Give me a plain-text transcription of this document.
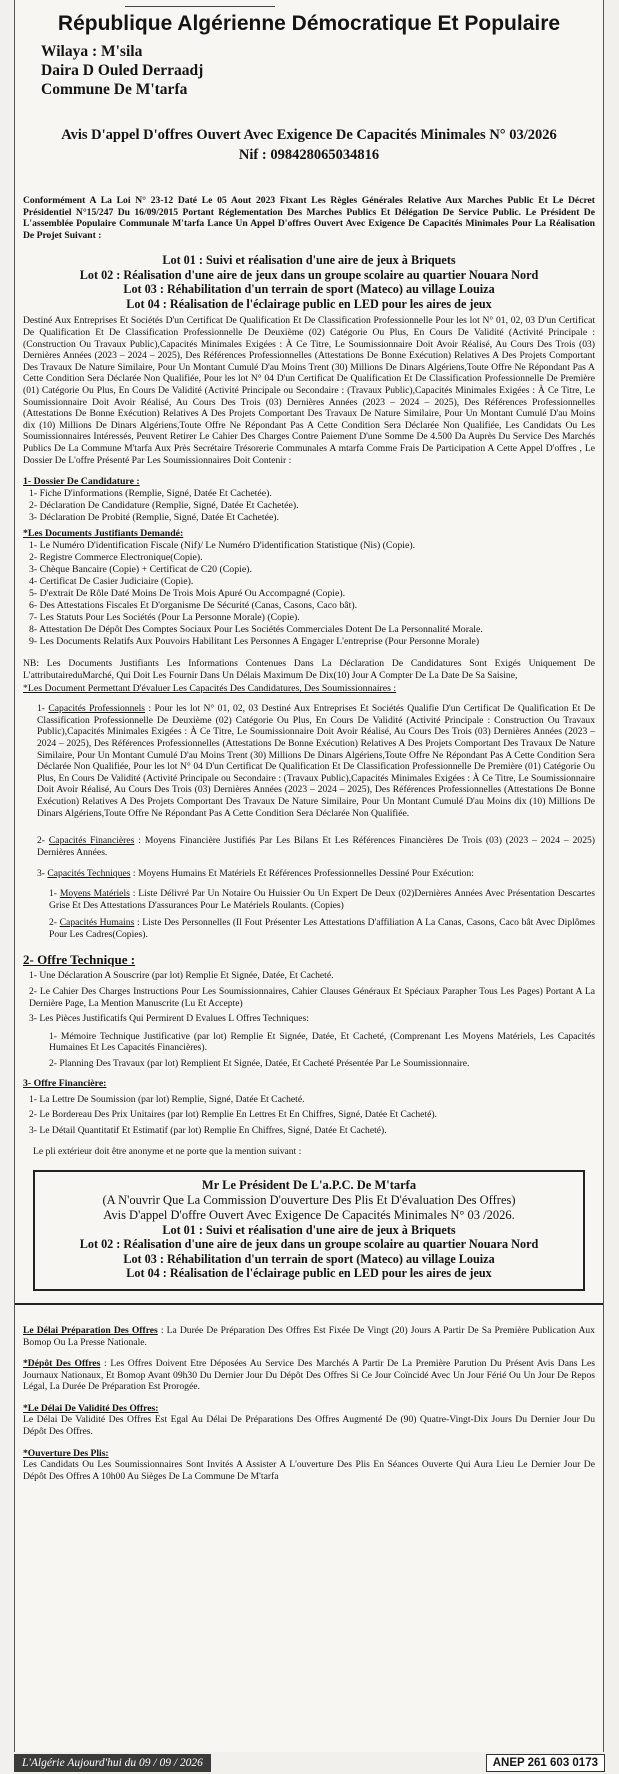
République Algérienne Démocratique Et Populaire
Wilaya : M'sila
Daira D Ouled Derraadj
Commune De M'tarfa
Avis D'appel D'offres Ouvert Avec Exigence De Capacités Minimales N° 03/2026
Nif : 098428065034816

Conformément A La Loi N° 23-12 Daté Le 05 Aout 2023 Fixant Les Règles Générales Relative Aux Marches Public Et Le Décret Présidentiel N°15/247 Du 16/09/2015 Portant Réglementation Des Marches Publics Et Délégation De Service Public. Le Président De L'assemblée Populaire Communale M'tarfa Lance Un Appel D'offres Ouvert Avec Exigence De Capacités Minimales Pour La Réalisation De Projet Suivant :

Lot 01 : Suivi et réalisation d'une aire de jeux à Briquets
Lot 02 : Réalisation d'une aire de jeux dans un groupe scolaire au quartier Nouara Nord
Lot 03 : Réhabilitation d'un terrain de sport (Mateco) au village Louiza
Lot 04 : Réalisation de l'éclairage public en LED pour les aires de jeux

Destiné Aux Entreprises Et Sociétés D'un Certificat De Qualification Et De Classification Professionnelle Pour les lot N° 01, 02, 03 D'un Certificat De Qualification Et De Classification Professionnelle De Deuxième (02) Catégorie Ou Plus, En Cours De Validité (Activité Principale : (Construction Ou Travaux Public),Capacités Minimales Exigées : À Ce Titre, Le Soumissionnaire Doit Avoir Réalisé, Au Cours Des Trois (03) Dernières Années (2023 – 2024 – 2025), Des Références Professionnelles (Attestations De Bonne Exécution) Relatives A Des Projets Comportant Des Travaux De Nature Similaire, Pour Un Montant Cumulé D'au Moins Trent (30) Millions De Dinars Algériens,Toute Offre Ne Répondant Pas A Cette Condition Sera Déclarée Non Qualifiée, Pour les lot N° 04 D'un Certificat De Qualification Et De Classification Professionnelle De Première (01) Catégorie Ou Plus, En Cours De Validité (Activité Principale ou Secondaire : (Travaux Public),Capacités Minimales Exigées : À Ce Titre, Le Soumissionnaire Doit Avoir Réalisé, Au Cours Des Trois (03) Dernières Années (2023 – 2024 – 2025), Des Références Professionnelles (Attestations De Bonne Exécution) Relatives A Des Projets Comportant Des Travaux De Nature Similaire, Pour Un Montant Cumulé D'au Moins dix (10) Millions De Dinars Algériens,Toute Offre Ne Répondant Pas A Cette Condition Sera Déclarée Non Qualifiée, Les Candidats Ou Les Soumissionnaires Intéressés, Peuvent Retirer Le Cahier Des Charges Contre Paiement D'une Somme De 4.500 Da Auprès Du Service Des Marchés Publics De La Commune M'tarfa Aux Près Secrétaire Trésorerie Communales A mtarfa Comme Frais De Participation A Cette Appel D'offres , Le Dossier De L'offre Présenté Par Les Soumissionnaires Doit Contenir :

1- Dossier De Candidature :
1- Fiche D'informations (Remplie, Signé, Datée Et Cachetée).
2- Déclaration De Candidature (Remplie, Signé, Datée Et Cachetée).
3- Déclaration De Probité (Remplie, Signé, Datée Et Cachetée).
*Les Documents Justifiants Demandé:
1- Le Numéro D'identification Fiscale (Nif)/ Le Numéro D'identification Statistique (Nis) (Copie).
2- Registre Commerce Electronique(Copie).
3- Chèque Bancaire (Copie) + Certificat de C20 (Copie).
4- Certificat De Casier Judiciaire (Copie).
5- D'extrait De Rôle Daté Moins De Trois Mois Apuré Ou Accompagné (Copie).
6- Des Attestations Fiscales Et D'organisme De Sécurité (Canas, Casons, Caco bât).
7- Les Statuts Pour Les Sociétés (Pour La Personne Morale) (Copie).
8- Attestation De Dépôt Des Comptes Sociaux Pour Les Sociétés Commerciales Dotent De La Personnalité Morale.
9- Les Documents Relatifs Aux Pouvoirs Habilitant Les Personnes A Engager L'entreprise (Pour Personne Morale)

NB: Les Documents Justifiants Les Informations Contenues Dans La Déclaration De Candidatures Sont Exigés Uniquement De L'attributaireduMarché, Qui Doit Les Fournir Dans Un Délais Maximum De Dix(10) Jour A Compter De La Date De Sa Saisine,

*Les Document Permettant D'évaluer Les Capacités Des Candidatures, Des Soumissionnaires :

1- Capacités Professionnels : Pour les lot N° 01, 02, 03 Destiné Aux Entreprises Et Sociétés Qualifie D'un Certificat De Qualification Et De Classification Professionnelle De Deuxième (02) Catégorie Ou Plus, En Cours De Validité (Activité Principale : Construction Ou Travaux Public),Capacités Minimales Exigées : À Ce Titre, Le Soumissionnaire Doit Avoir Réalisé, Au Cours Des Trois (03) Dernières Années (2023 – 2024 – 2025), Des Références Professionnelles (Attestations De Bonne Exécution) Relatives A Des Projets Comportant Des Travaux De Nature Similaire, Pour Un Montant Cumulé D'au Moins Trent (30) Millions De Dinars Algériens,Toute Offre Ne Répondant Pas A Cette Condition Sera Déclarée Non Qualifiée, Pour les lot N° 04 D'un Certificat De Qualification Et De Classification Professionnelle De Première (01) Catégorie Ou Plus, En Cours De Validité (Activité Principale ou Secondaire : (Travaux Public),Capacités Minimales Exigées : À Ce Titre, Le Soumissionnaire Doit Avoir Réalisé, Au Cours Des Trois (03) Dernières Années (2023 – 2024 – 2025), Des Références Professionnelles (Attestations De Bonne Exécution) Relatives A Des Projets Comportant Des Travaux De Nature Similaire, Pour Un Montant Cumulé D'au Moins dix (10) Millions De Dinars Algériens,Toute Offre Ne Répondant Pas A Cette Condition Sera Déclarée Non Qualifiée.

2- Capacités Financières : Moyens Financière Justifiés Par Les Bilans Et Les Références Financières De Trois (03) (2023 – 2024 – 2025) Dernières Années.

3- Capacités Techniques : Moyens Humains Et Matériels Et Références Professionnelles Dessiné Pour Exécution:

1- Moyens Matériels : Liste Délivré Par Un Notaire Ou Huissier Ou Un Expert De Deux (02)Dernières Années Avec Présentation Descartes Grise Et Des Attestations D'assurances Pour Le Matériels Roulants. (Copies)

2- Capacités Humains : Liste Des Personnelles (Il Fout Présenter Les Attestations D'affiliation A La Canas, Casons, Caco bât Avec Diplômes Pour Les Cadres(Copies).

2- Offre Technique :
1- Une Déclaration A Souscrire (par lot) Remplie Et Signée, Datée, Et Cacheté.
2- Le Cahier Des Charges Instructions Pour Les Soumissionnaires, Cahier Clauses Généraux Et Spéciaux Parapher Tous Les Pages) Portant A La Dernière Page, La Mention Manuscrite (Lu Et Accepte)
3- Les Pièces Justificatifs Qui Permirent D Evalues L Offres Techniques:
1- Mémoire Technique Justificative (par lot) Remplie Et Signée, Datée, Et Cacheté, (Comprenant Les Moyens Matériels, Les Capacités Humaines Et Les Capacités Financières).
2- Planning Des Travaux (par lot) Remplient Et Signée, Datée, Et Cacheté Présentée Par Le Soumissionnaire.
3- Offre Financière:
1- La Lettre De Soumission (par lot) Remplie, Signé, Datée Et Cacheté.
2- Le Bordereau Des Prix Unitaires (par lot) Remplie En Lettres Et En Chiffres, Signé, Datée Et Cacheté).
3- Le Détail Quantitatif Et Estimatif (par lot) Remplie En Chiffres, Signé, Datée Et Cacheté).

Le pli extérieur doit être anonyme et ne porte que la mention suivant :

Mr Le Président De L'a.P.C. De M'tarfa
(A N'ouvrir Que La Commission D'ouverture Des Plis Et D'évaluation Des Offres)
Avis D'appel D'offre Ouvert Avec Exigence De Capacités Minimales N° 03 /2026.
Lot 01 : Suivi et réalisation d'une aire de jeux à Briquets
Lot 02 : Réalisation d'une aire de jeux dans un groupe scolaire au quartier Nouara Nord
Lot 03 : Réhabilitation d'un terrain de sport (Mateco) au village Louiza
Lot 04 : Réalisation de l'éclairage public en LED pour les aires de jeux

Le Délai Préparation Des Offres : La Durée De Préparation Des Offres Est Fixée De Vingt (20) Jours A Partir De Sa Première Publication Aux Bomop Ou La Presse Nationale.

*Dépôt Des Offres : Les Offres Doivent Etre Déposées Au Service Des Marchés A Partir De La Première Parution Du Présent Avis Dans Les Journaux Nationaux, Et Bomop Avant 09h30 Du Dernier Jour Du Dépôt Des Offres Si Ce Jour Coïncidé Avec Un Jour Férié Ou Un Jour De Repos Légal, La Durée De Préparation Est Prorogée.

*Le Délai De Validité Des Offres:
Le Délai De Validité Des Offres Est Egal Au Délai De Préparations Des Offres Augmenté De (90) Quatre-Vingt-Dix Jours Du Dernier Jour Du Dépôt Des Offres.

*Ouverture Des Plis:
Les Candidats Ou Les Soumissionnaires Sont Invités A Assister A L'ouverture Des Plis En Séances Ouverte Qui Aura Lieu Le Dernier Jour De Dépôt Des Offres A 10h00 Au Sièges De La Commune De M'tarfa

L'Algérie Aujourd'hui du 09 / 09 / 2026	ANEP 261 603 0173
